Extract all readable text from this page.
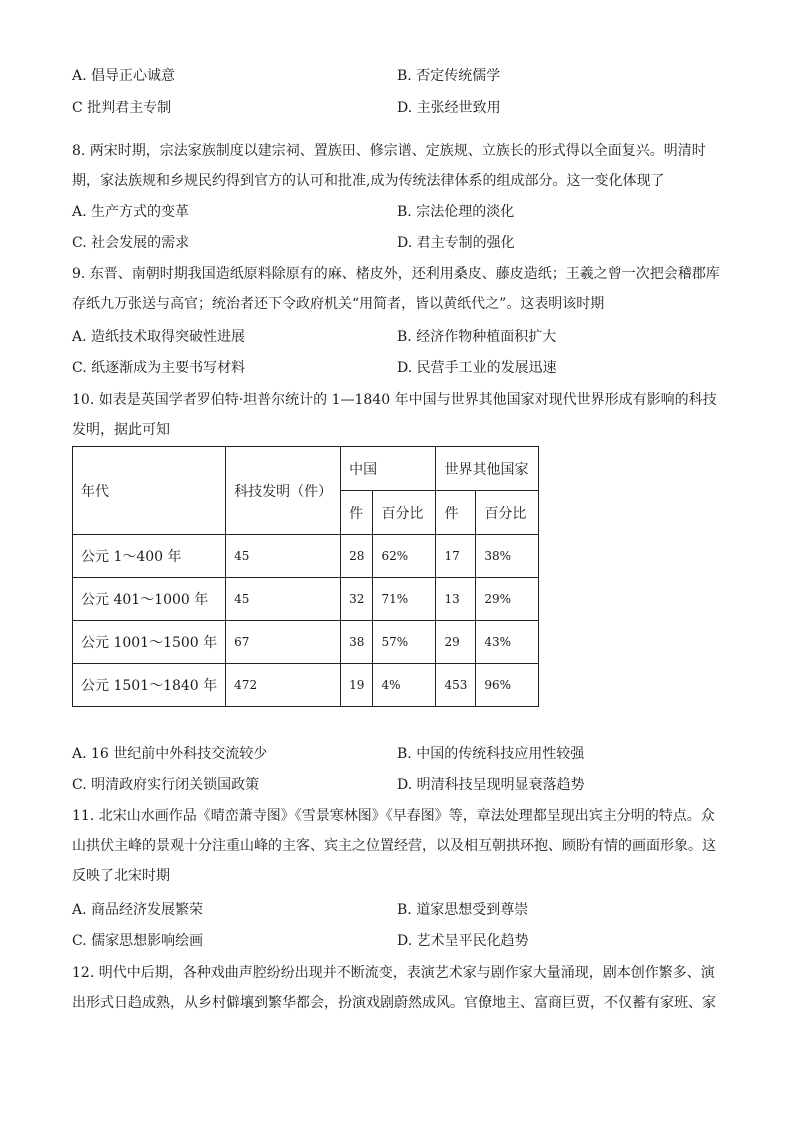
A. 倡导正心诚意	B. 否定传统儒学
C 批判君主专制	D. 主张经世致用
8. 两宋时期，宗法家族制度以建宗祠、置族田、修宗谱、定族规、立族长的形式得以全面复兴。明清时
期，家法族规和乡规民约得到官方的认可和批准,成为传统法律体系的组成部分。这一变化体现了
A. 生产方式的变革	B. 宗法伦理的淡化
C. 社会发展的需求	D. 君主专制的强化
9. 东晋、南朝时期我国造纸原料除原有的麻、楮皮外，还利用桑皮、藤皮造纸；王羲之曾一次把会稽郡库
存纸九万张送与高官；统治者还下令政府机关“用简者，皆以黄纸代之”。这表明该时期
A. 造纸技术取得突破性进展	B. 经济作物种植面积扩大
C. 纸逐渐成为主要书写材料	D. 民营手工业的发展迅速
10. 如表是英国学者罗伯特·坦普尔统计的 1—1840 年中国与世界其他国家对现代世界形成有影响的科技
发明，据此可知
年代	科技发明（件）	中国		世界其他国家	
		件	百分比	件	百分比
公元 1～400 年	45	28	62%	17	38%
公元 401～1000 年	45	32	71%	13	29%
公元 1001～1500 年	67	38	57%	29	43%
公元 1501～1840 年	472	19	4%	453	96%
A. 16 世纪前中外科技交流较少	B. 中国的传统科技应用性较强
C. 明清政府实行闭关锁国政策	D. 明清科技呈现明显衰落趋势
11. 北宋山水画作品《晴峦萧寺图》《雪景寒林图》《早春图》等，章法处理都呈现出宾主分明的特点。众
山拱伏主峰的景观十分注重山峰的主客、宾主之位置经营，以及相互朝拱环抱、顾盼有情的画面形象。这
反映了北宋时期
A. 商品经济发展繁荣	B. 道家思想受到尊崇
C. 儒家思想影响绘画	D. 艺术呈平民化趋势
12. 明代中后期，各种戏曲声腔纷纷出现并不断流变，表演艺术家与剧作家大量涌现，剧本创作繁多、演
出形式日趋成熟，从乡村僻壤到繁华都会，扮演戏剧蔚然成风。官僚地主、富商巨贾，不仅蓄有家班、家
